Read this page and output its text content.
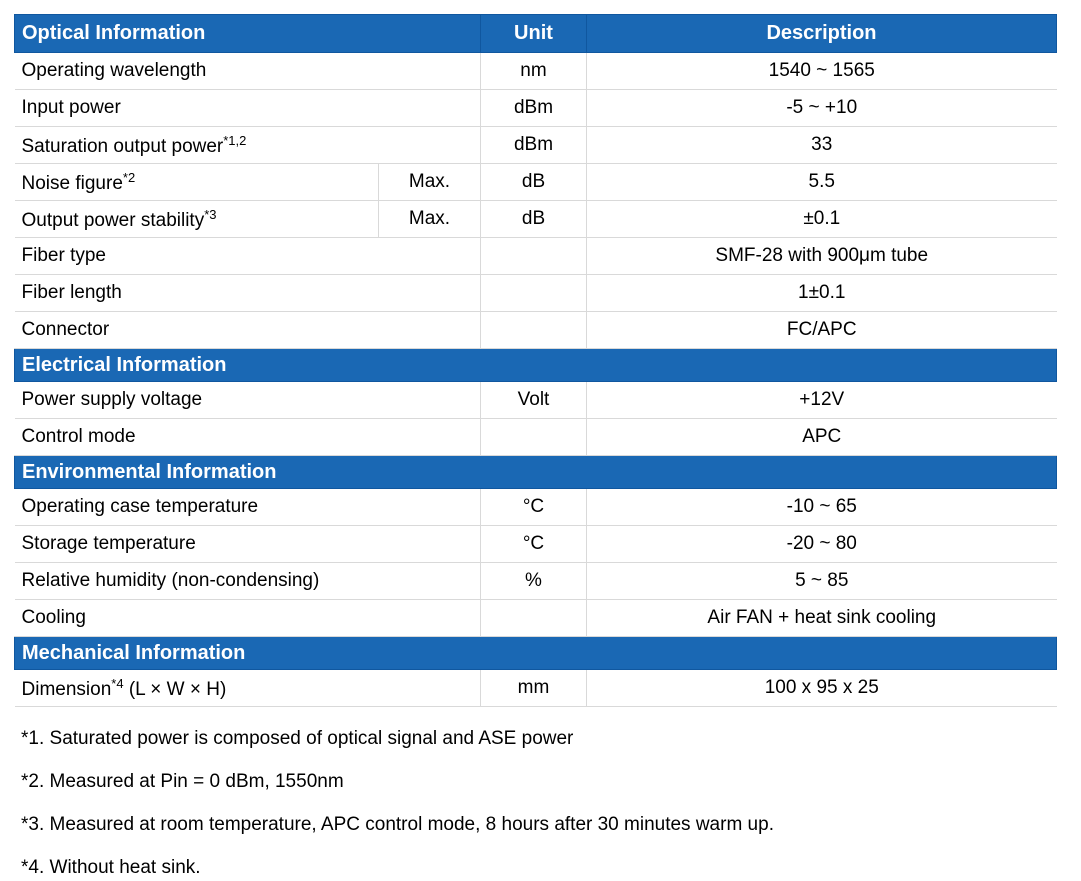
Optical Information		Unit	Description
Operating wavelength		nm	1540 ~ 1565
Input power		dBm	-5 ~ +10
Saturation output power$^{*1,2}$		dBm	33
Noise figure$^{*2}$	Max.	dB	5.5
Output power stability$^{*3}$	Max.	dB	±0.1
Fiber type			SMF-28 with 900μm tube
Fiber length			1±0.1
Connector			FC/APC
Electrical Information			
Power supply voltage		Volt	+12V
Control mode			APC
Environmental Information			
Operating case temperature		°C	-10 ~ 65
Storage temperature		°C	-20 ~ 80
Relative humidity (non-condensing)		%	5 ~ 85
Cooling			Air FAN + heat sink cooling
Mechanical Information			
Dimension$^{*4}$ (L × W × H)		mm	100 x 95 x 25
*1. Saturated power is composed of optical signal and ASE power
*2. Measured at Pin = 0 dBm, 1550nm
*3. Measured at room temperature, APC control mode, 8 hours after 30 minutes warm up.
*4. Without heat sink.
